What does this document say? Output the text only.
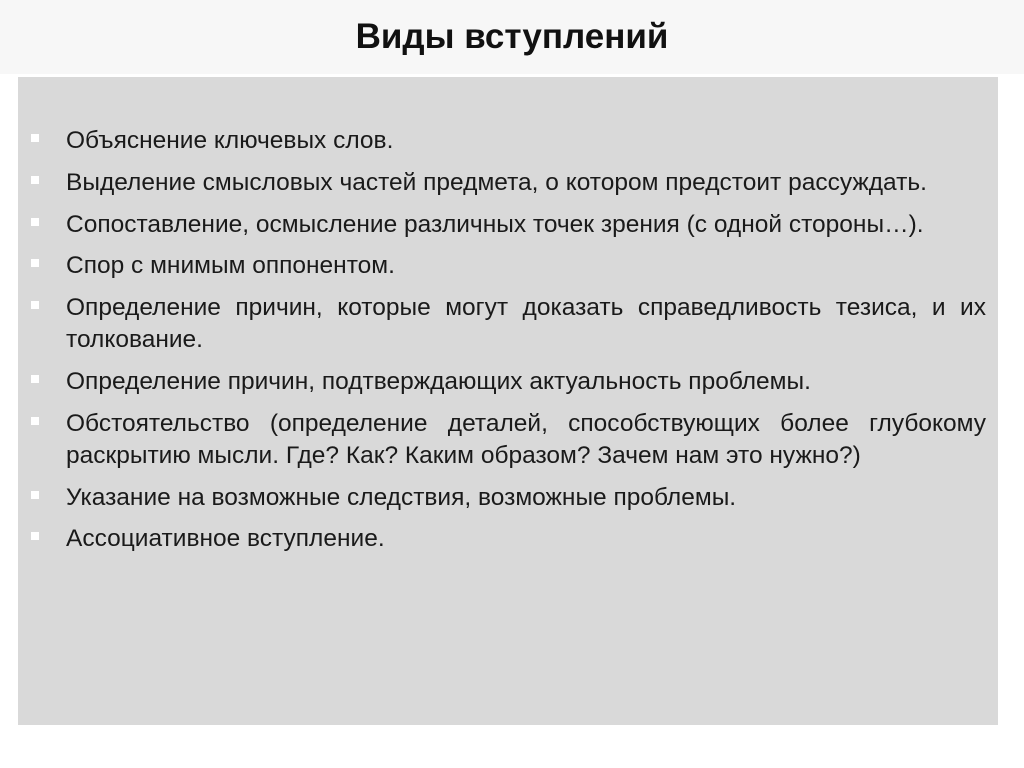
Виды вступлений
Объяснение ключевых слов.
Выделение смысловых частей предмета, о котором предстоит рассуждать.
Сопоставление, осмысление различных точек зрения (с одной стороны…).
Спор с мнимым оппонентом.
Определение причин, которые могут доказать справедливость тезиса, и их толкование.
Определение причин, подтверждающих актуальность проблемы.
Обстоятельство (определение деталей, способствующих более глубокому раскрытию мысли. Где? Как? Каким образом? Зачем нам это нужно?)
Указание на возможные следствия, возможные проблемы.
Ассоциативное вступление.
